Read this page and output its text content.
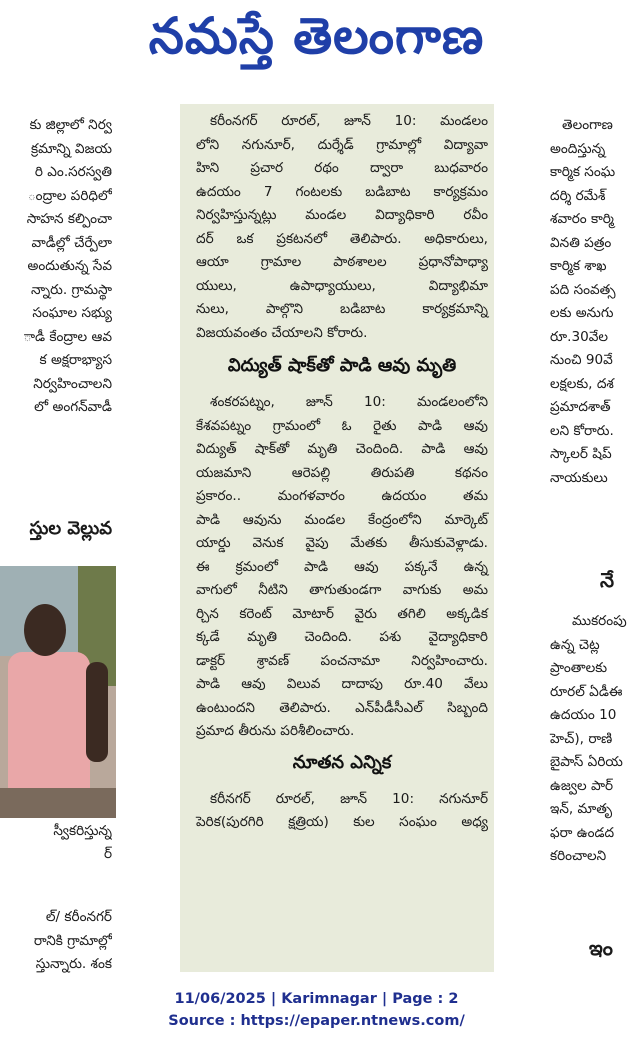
నమస్తే తెలంగాణ

కు జిల్లాలో నిర్వ

క్రమాన్ని విజయ

రి ఎం.సరస్వతి

ంద్రాల పరిధిలో

సాహన కల్పించా

వాడీల్లో చేర్పేలా

అందుతున్న సేవ

న్నారు. గ్రామస్థా

సంఘాల సభ్యు

ాడీ కేంద్రాల ఆవ

క అక్షరాభ్యాస

నిర్వహించాలని

లో అంగన్‌వాడీ

స్తుల వెల్లువ
స్వీకరిస్తున్న
ర్
ల్/ కరీంనగర్
రానికి గ్రామాల్లో
స్తున్నారు. శంక

కరీంనగర్ రూరల్, జూన్ 10: మండలం

లోని నగునూర్, దుర్శేడ్ గ్రామాల్లో విద్యావా

హిని ప్రచార రథం ద్వారా బుధవారం

ఉదయం 7 గంటలకు బడిబాట కార్యక్రమం

నిర్వహిస్తున్నట్లు మండల విద్యాధికారి రవీం

దర్ ఒక ప్రకటనలో తెలిపారు. అధికారులు,

ఆయా గ్రామాల పాఠశాలల ప్రధానోపాధ్యా

యులు, ఉపాధ్యాయులు, విద్యాభిమా

నులు, పాల్గొని బడిబాట కార్యక్రమాన్ని

విజయవంతం చేయాలని కోరారు.

విద్యుత్ షాక్‌తో పాడి ఆవు మృతి

శంకరపట్నం, జూన్ 10: మండలంలోని

కేశవపట్నం గ్రామంలో ఓ రైతు పాడి ఆవు

విద్యుత్ షాక్‌తో మృతి చెందింది. పాడి ఆవు

యజమాని ఆరెపల్లి తిరుపతి కథనం

ప్రకారం.. మంగళవారం ఉదయం తమ

పాడి ఆవును మండల కేంద్రంలోని మార్కెట్

యార్డు వెనుక వైపు మేతకు తీసుకువెళ్లాడు.

ఈ క్రమంలో పాడి ఆవు పక్కనే ఉన్న

వాగులో నీటిని తాగుతుండగా వాగుకు అమ

ర్చిన కరెంట్ మోటార్ వైరు తగిలి అక్కడిక

క్కడే మృతి చెందింది. పశు వైద్యాధికారి

డాక్టర్ శ్రావణ్ పంచనామా నిర్వహించారు.

పాడి ఆవు విలువ దాదాపు రూ.40 వేలు

ఉంటుందని తెలిపారు. ఎన్‌పీడీసీఎల్ సిబ్బంది

ప్రమాద తీరును పరిశీలించారు.

నూతన ఎన్నిక

కరీనగర్ రూరల్, జూన్ 10: నగునూర్

పెరిక(పురగిరి క్షత్రియ) కుల సంఘం అధ్య

తెలంగాణ

అందిస్తున్న

కార్మిక సంఘ

దర్శి రమేశ్

శవారం కార్మి

వినతి పత్రం

కార్మిక శాఖ

పది సంవత్స

లకు అనుగు

రూ.30వేల

నుంచి 90వే

లక్షలకు, దశ

ప్రమాదశాత్

లని కోరారు.

స్కాలర్ షిప్

నాయకులు

నే
ముకరంపు
ఉన్న చెట్ల
ప్రాంతాలకు
రూరల్ ఏడీఈ
ఉదయం 10
హెచ్), రాణి
బైపాస్ ఏరియ
ఉజ్వల పార్
ఇన్, మాతృ
ఫరా ఉండద
కరించాలని
ఇం
11/06/2025 | Karimnagar | Page : 2
Source : https://epaper.ntnews.com/
